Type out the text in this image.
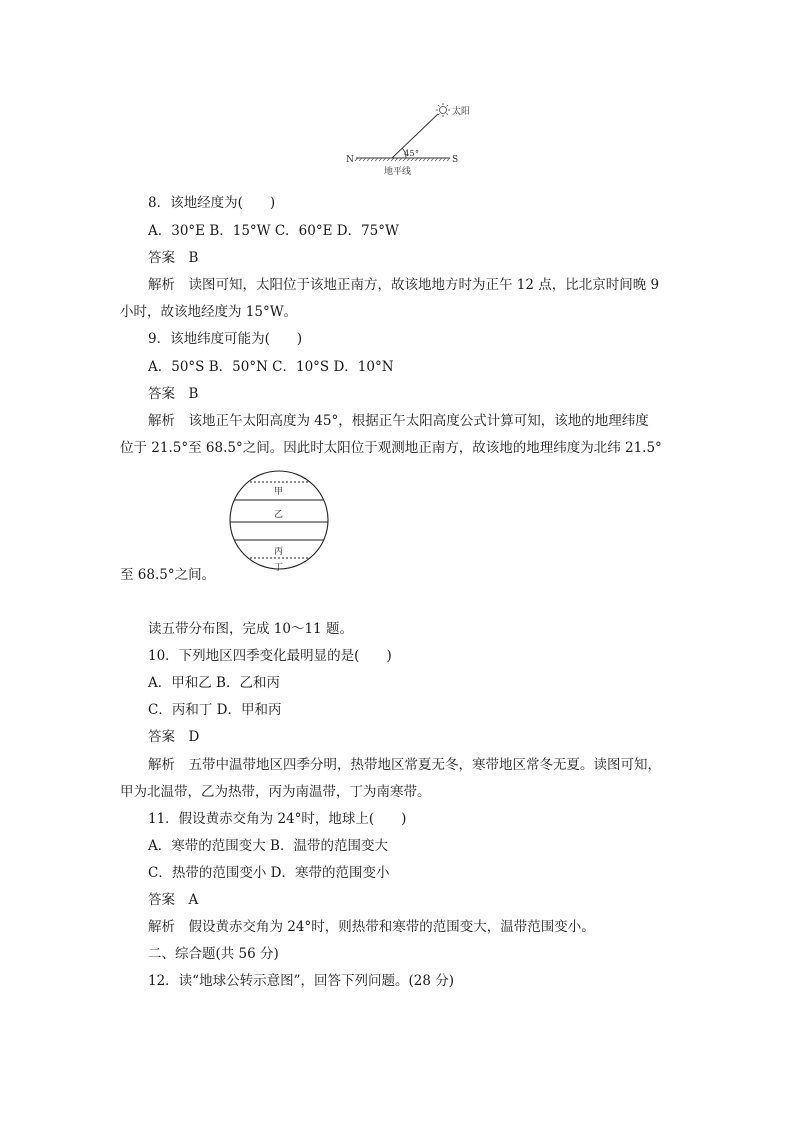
太阳
45°
N	S
地平线
8．该地经度为(　　)
A．30°E B．15°W C．60°E D．75°W
答案　B
解析　读图可知，太阳位于该地正南方，故该地地方时为正午 12 点，比北京时间晚 9
小时，故该地经度为 15°W。
9．该地纬度可能为(　　)
A．50°S B．50°N C．10°S D．10°N
答案　B
解析　该地正午太阳高度为 45°，根据正午太阳高度公式计算可知，该地的地理纬度
位于 21.5°至 68.5°之间。因此时太阳位于观测地正南方，故该地的地理纬度为北纬 21.5°
甲
乙
丙
丁
至 68.5°之间。
读五带分布图，完成 10～11 题。
10．下列地区四季变化最明显的是(　　)
A．甲和乙 B．乙和丙
C．丙和丁 D．甲和丙
答案　D
解析　五带中温带地区四季分明，热带地区常夏无冬，寒带地区常冬无夏。读图可知，
甲为北温带，乙为热带，丙为南温带，丁为南寒带。
11．假设黄赤交角为 24°时，地球上(　　)
A．寒带的范围变大 B．温带的范围变大
C．热带的范围变小 D．寒带的范围变小
答案　A
解析　假设黄赤交角为 24°时，则热带和寒带的范围变大，温带范围变小。
二、综合题(共 56 分)
12．读“地球公转示意图”，回答下列问题。(28 分)
